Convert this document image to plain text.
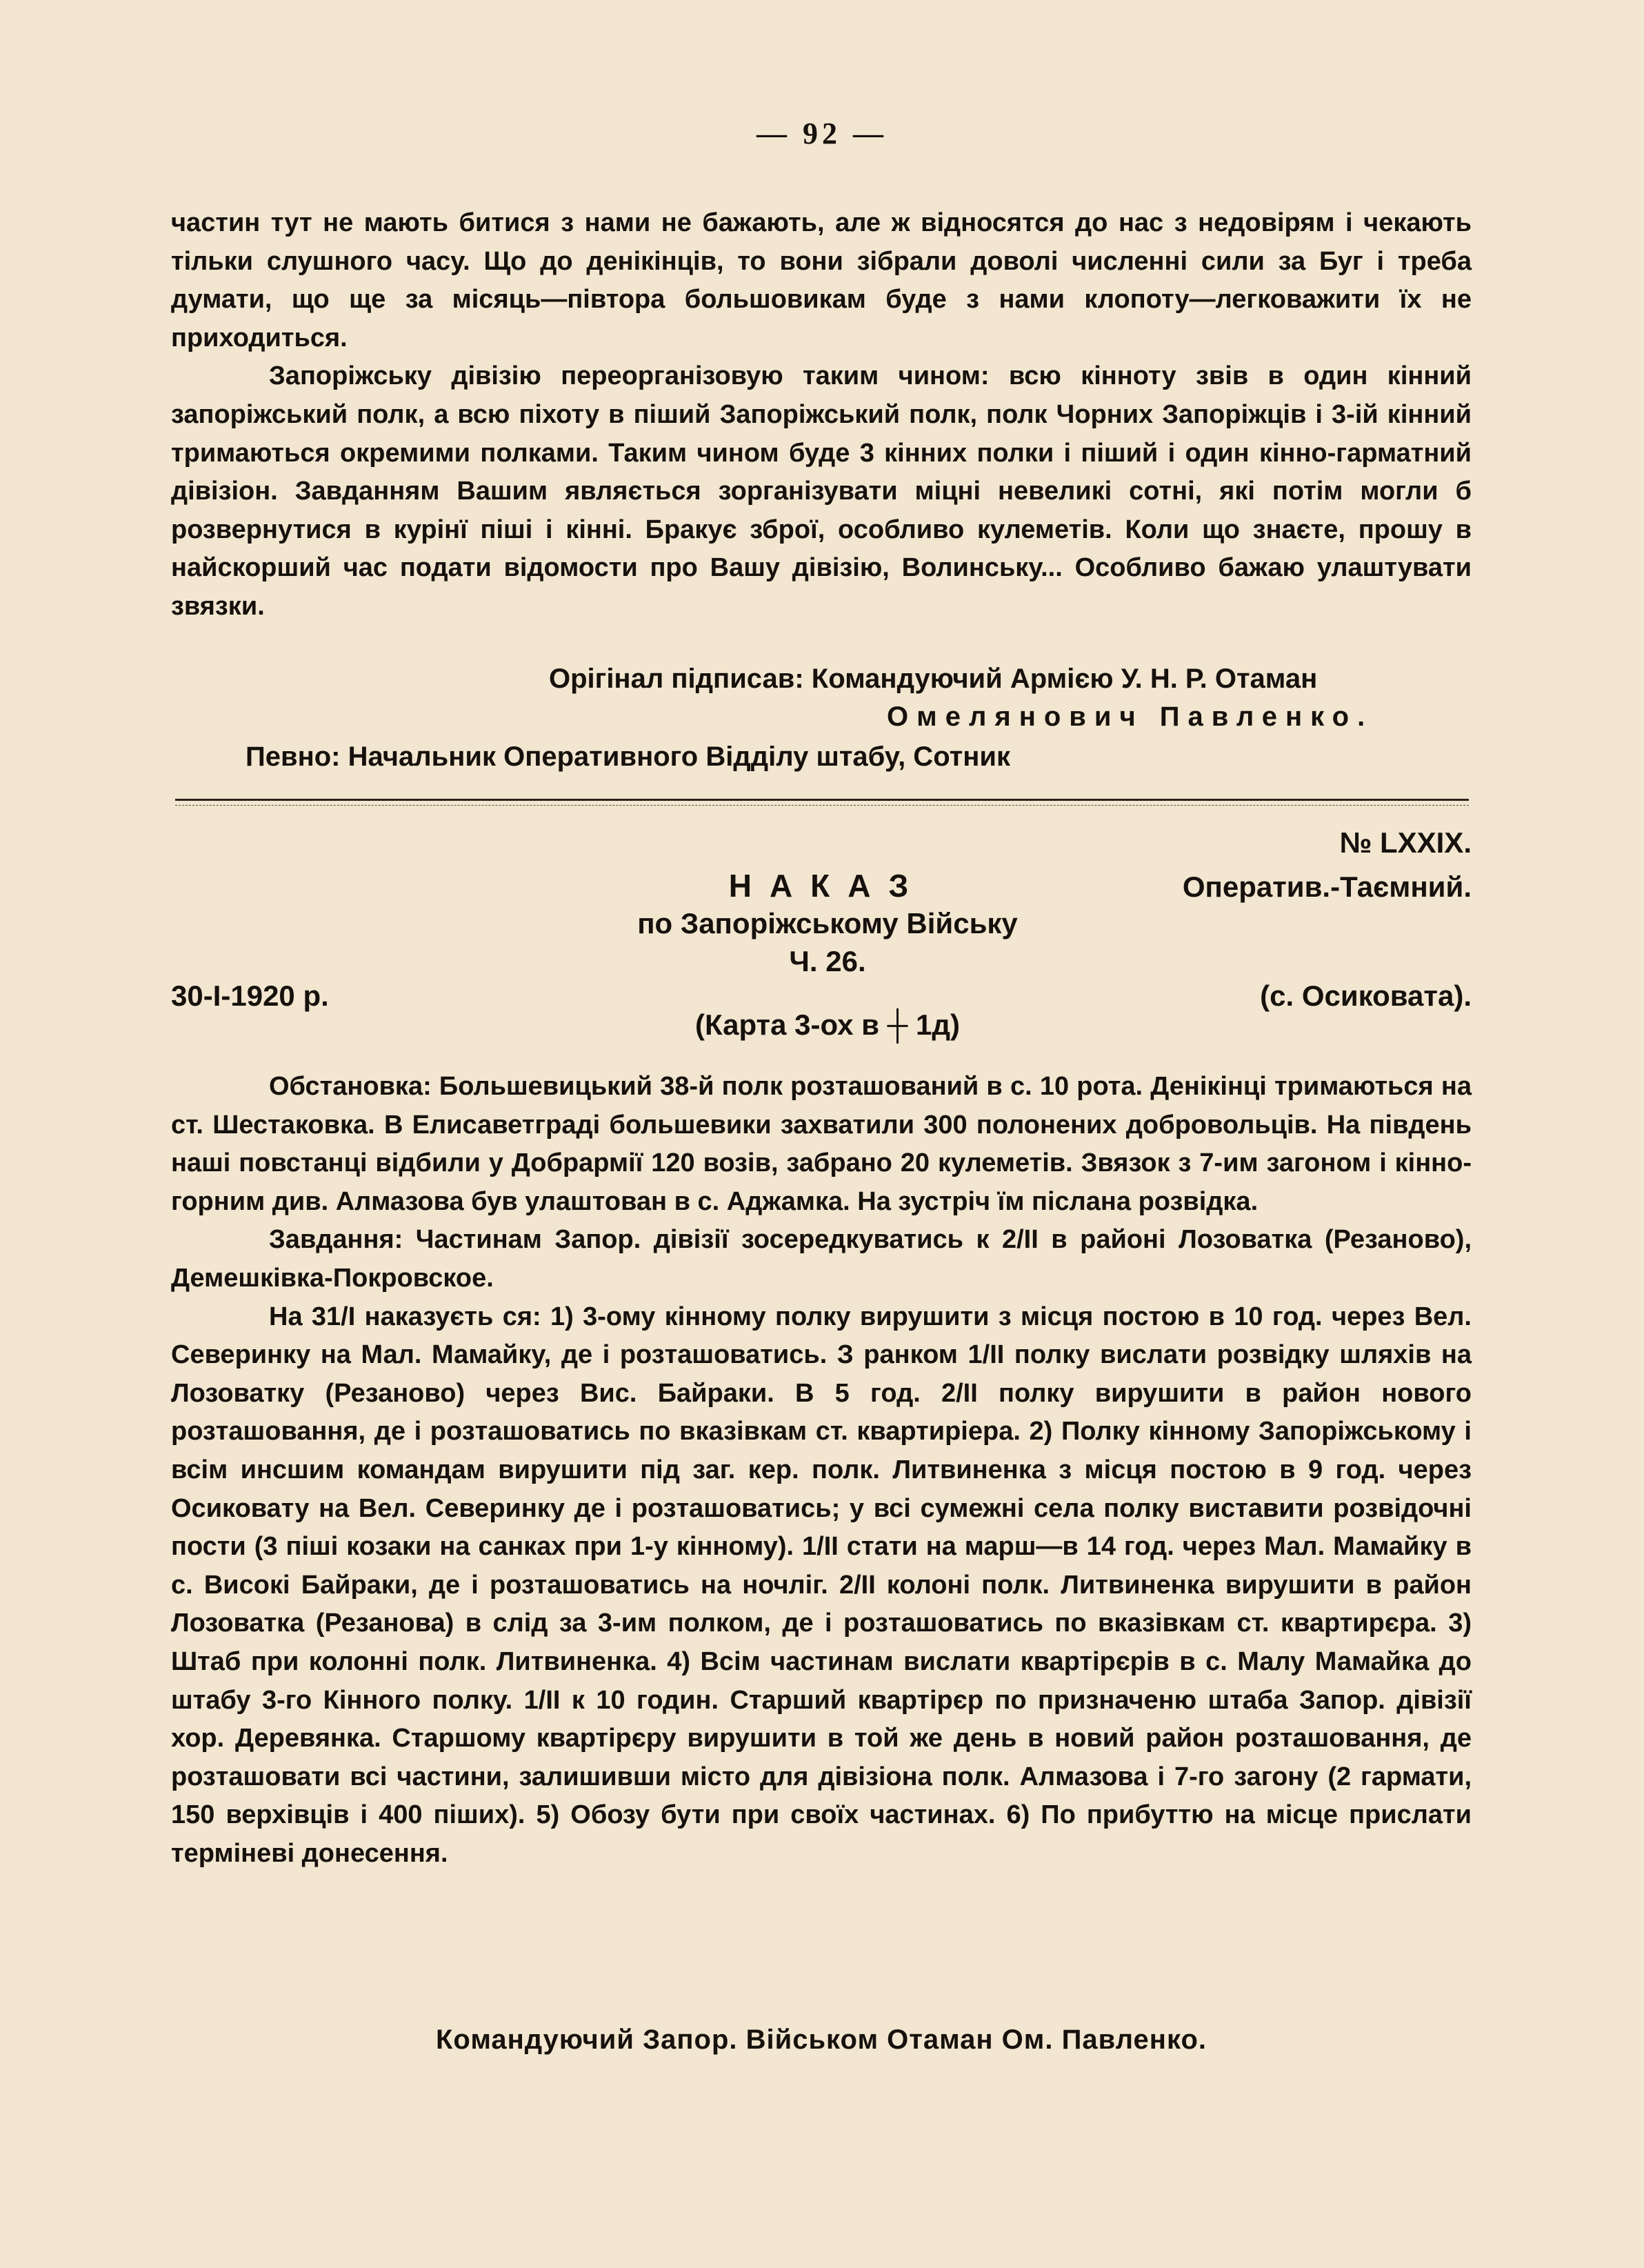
— 92 —

частин тут не мають битися з нами не бажають, але ж відносятся до нас з недовірям і чекають тільки слушного часу. Що до денікінців, то вони зібрали доволі численні сили за Буг і треба думати, що ще за місяць—півтора большовикам буде з нами клопоту—легковажити їх не приходиться.

Запоріжську дівізію переорганізовую таким чином: всю кінноту звів в один кінний запоріжський полк, а всю піхоту в піший Запоріжський полк, полк Чорних Запоріжців і 3-ій кінний тримаються окремими полками. Таким чином буде 3 кінних полки і піший і один кінно-гарматний дівізіон. Завданням Вашим являється зорганізувати міцні невеликі сотні, які потім могли б розвернутися в курінї піші і кінні. Бракує зброї, особливо кулеметів. Коли що знаєте, прошу в найскорший час подати відомости про Вашу дівізію, Волинську... Особливо бажаю улаштувати звязки.

Орігінал підписав: Командуючий Армією У. Н. Р. Отаман
Омелянович Павленко.
Певно: Начальник Оперативного Відділу штабу, Сотник
№ LXXIX.
НАКАЗ	Оператив.-Таємний.
по Запоріжському Війську
Ч. 26.
30-І-1920 р.	(с. Осиковата).
(Карта 3-ох в ┼ 1д)

Обстановка: Большевицький 38-й полк розташований в с. 10 рота. Денікінці тримаються на ст. Шестаковка. В Елисаветграді большевики захватили 300 полонених добровольців. На південь наші повстанці відбили у Добрармії 120 возів, забрано 20 кулеметів. Звязок з 7-им загоном і кінно-горним див. Алмазова був улаштован в с. Аджамка. На зустріч їм післана розвідка.

Завдання: Частинам Запор. дівізії зосередкуватись к 2/ІІ в районі Лозоватка (Резаново), Демешківка-Покровское.

На 31/І наказуєть ся: 1) 3-ому кінному полку вирушити з місця постою в 10 год. через Вел. Северинку на Мал. Мамайку, де і розташоватись. З ранком 1/ІІ полку вислати розвідку шляхів на Лозоватку (Резаново) через Вис. Байраки. В 5 год. 2/ІІ полку вирушити в район нового розташовання, де і розташоватись по вказівкам ст. квартиріера. 2) Полку кінному Запоріжському і всім инсшим командам вирушити під заг. кер. полк. Литвиненка з місця постою в 9 год. через Осиковату на Вел. Северинку де і розташоватись; у всі сумежні села полку виставити розвідочні пости (3 піші козаки на санках при 1-у кінному). 1/ІІ стати на марш—в 14 год. через Мал. Мамайку в с. Високі Байраки, де і розташоватись на ночліг. 2/ІІ колоні полк. Литвиненка вирушити в район Лозоватка (Резанова) в слід за 3-им полком, де і розташоватись по вказівкам ст. квартирєра. 3) Штаб при колонні полк. Литвиненка. 4) Всім частинам вислати квартірєрів в с. Малу Мамайка до штабу 3-го Кінного полку. 1/ІІ к 10 годин. Старший квартірєр по призначеню штаба Запор. дівізії хор. Деревянка. Старшому квартірєру вирушити в той же день в новий район розташовання, де розташовати всі частини, залишивши місто для дівізіона полк. Алмазова і 7-го загону (2 гармати, 150 верхівців і 400 піших). 5) Обозу бути при своїх частинах. 6) По прибуттю на місце прислати терміневі донесення.

Командуючий Запор. Військом Отаман Ом. Павленко.
